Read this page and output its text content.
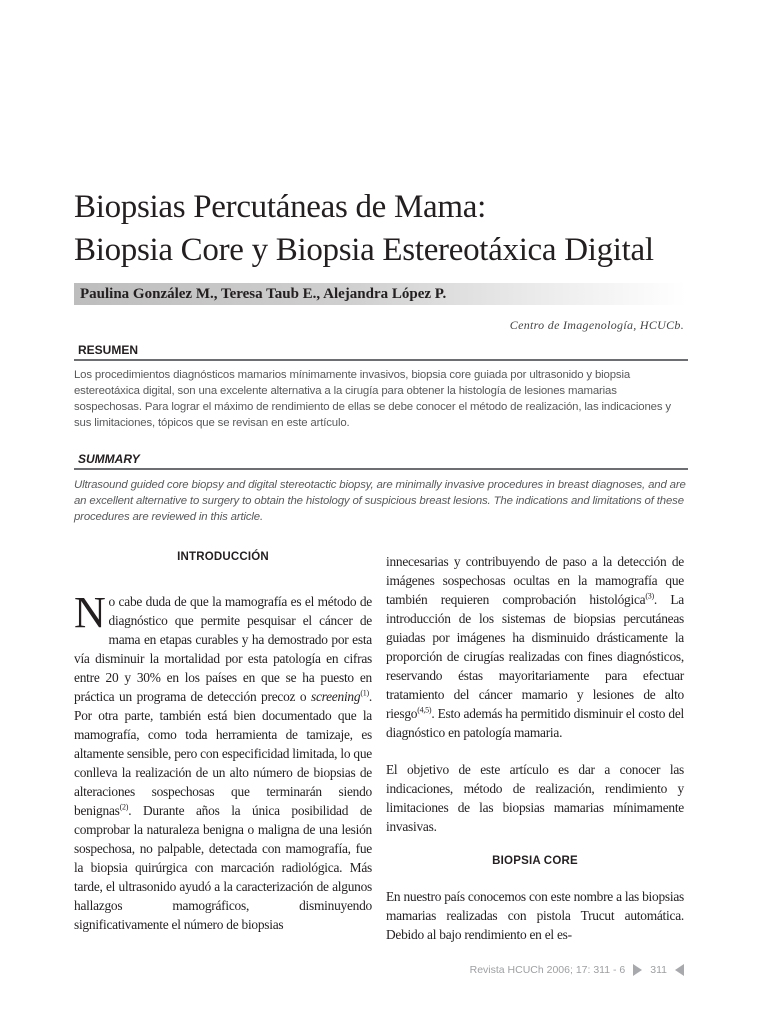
Biopsias Percutáneas de Mama:
Biopsia Core y Biopsia Estereotáxica Digital
Paulina González M., Teresa Taub E., Alejandra López P.
Centro de Imagenología, HCUCb.
RESUMEN

Los procedimientos diagnósticos mamarios mínimamente invasivos, biopsia core guiada por ultrasonido y biopsia estereotáxica digital, son una excelente alternativa a la cirugía para obtener la histología de lesiones mamarias sospechosas. Para lograr el máximo de rendimiento de ellas se debe conocer el método de realización, las indicaciones y sus limitaciones, tópicos que se revisan en este artículo.

SUMMARY

Ultrasound guided core biopsy and digital stereotactic biopsy, are minimally invasive procedures in breast diagnoses, and are an excellent alternative to surgery to obtain the histology of suspicious breast lesions. The indications and limitations of these procedures are reviewed in this article.

INTRODUCCIÓN

No cabe duda de que la mamografía es el método de diagnóstico que permite pesquisar el cáncer de mama en etapas curables y ha demostrado por esta vía disminuir la mortalidad por esta patología en cifras entre 20 y 30% en los países en que se ha puesto en práctica un programa de detección precoz o screening$^{(1)}$. Por otra parte, también está bien documentado que la mamografía, como toda herramienta de tamizaje, es altamente sensible, pero con especificidad limitada, lo que conlleva la realización de un alto número de biopsias de alteraciones sospechosas que terminarán siendo benignas$^{(2)}$. Durante años la única posibilidad de comprobar la naturaleza benigna o maligna de una lesión sospechosa, no palpable, detectada con mamografía, fue la biopsia quirúrgica con marcación radiológica. Más tarde, el ultrasonido ayudó a la caracterización de algunos hallazgos mamográficos, disminuyendo significativamente el número de biopsias

innecesarias y contribuyendo de paso a la detección de imágenes sospechosas ocultas en la mamografía que también requieren comprobación histológica$^{(3)}$. La introducción de los sistemas de biopsias percutáneas guiadas por imágenes ha disminuido drásticamente la proporción de cirugías realizadas con fines diagnósticos, reservando éstas mayoritariamente para efectuar tratamiento del cáncer mamario y lesiones de alto riesgo$^{(4,5)}$. Esto además ha permitido disminuir el costo del diagnóstico en patología mamaria.

El objetivo de este artículo es dar a conocer las indicaciones, método de realización, rendimiento y limitaciones de las biopsias mamarias mínimamente invasivas.

BIOPSIA CORE

En nuestro país conocemos con este nombre a las biopsias mamarias realizadas con pistola Trucut automática. Debido al bajo rendimiento en el es-

Revista HCUCh 2006; 17: 311 - 6 311
